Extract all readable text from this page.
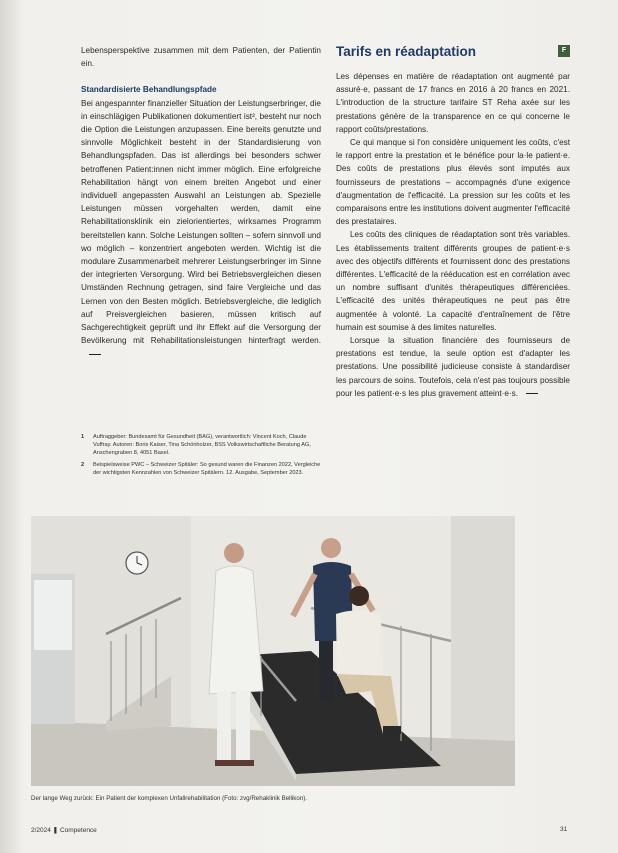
Lebensperspektive zusammen mit dem Patienten, der Patientin ein.

Standardisierte Behandlungspfade

Bei angespannter finanzieller Situation der Leistungserbringer, die in einschlägigen Publikationen dokumentiert ist², besteht nur noch die Option die Leistungen anzupassen. Eine bereits genutzte und sinnvolle Möglichkeit besteht in der Standardisierung von Behandlungspfaden. Das ist allerdings bei besonders schwer betroffenen Patient:innen nicht immer möglich. Eine erfolgreiche Rehabilitation hängt von einem breiten Angebot und einer individuell angepassten Auswahl an Leistungen ab. Spezielle Leistungen müssen vorgehalten werden, damit eine Rehabilitationsklinik ein zielorientiertes, wirksames Programm bereitstellen kann. Solche Leistungen sollten – sofern sinnvoll und wo möglich – konzentriert angeboten werden. Wichtig ist die modulare Zusammenarbeit mehrerer Leistungserbringer im Sinne der integrierten Versorgung. Wird bei Betriebsvergleichen diesen Umständen Rechnung getragen, sind faire Vergleiche und das Lernen von den Besten möglich. Betriebsvergleiche, die lediglich auf Preisvergleichen basieren, müssen kritisch auf Sachgerechtigkeit geprüft und ihr Effekt auf die Versorgung der Bevölkerung mit Rehabilitationsleistungen hinterfragt werden.

1	Auftraggeber: Bundesamt für Gesundheit (BAG), verantwortlich: Vincent Koch, Claude Vuffray. Autoren: Boris Kaiser, Tina Schönholzer, BSS Volkswirtschaftliche Beratung AG, Anschengraben 8, 4051 Basel.
2	Beispielsweise PWC – Schweizer Spitäler: So gesund waren die Finanzen 2022, Vergleiche der wichtigsten Kennzahlen von Schweizer Spitälern. 12. Ausgabe, September 2023.

Tarifs en réadaptation	F

Les dépenses en matière de réadaptation ont augmenté par assuré·e, passant de 17 francs en 2016 à 20 francs en 2021. L'introduction de la structure tarifaire ST Reha axée sur les prestations génère de la transparence en ce qui concerne le rapport coûts/prestations.

Ce qui manque si l'on considère uniquement les coûts, c'est le rapport entre la prestation et le bénéfice pour la·le patient·e. Des coûts de prestations plus élevés sont imputés aux fournisseurs de prestations – accompagnés d'une exigence d'augmentation de l'efficacité. La pression sur les coûts et les comparaisons entre les institutions doivent augmenter l'efficacité des prestataires.

Les coûts des cliniques de réadaptation sont très variables. Les établissements traitent différents groupes de patient·e·s avec des objectifs différents et fournissent donc des prestations différentes. L'efficacité de la rééducation est en corrélation avec un nombre suffisant d'unités thérapeutiques différenciées. L'efficacité des unités thérapeutiques ne peut pas être augmentée à volonté. La capacité d'entraînement de l'être humain est soumise à des limites naturelles.

Lorsque la situation financière des fournisseurs de prestations est tendue, la seule option est d'adapter les prestations. Une possibilité judicieuse consiste à standardiser les parcours de soins. Toutefois, cela n'est pas toujours possible pour les patient·e·s les plus gravement atteint·e·s.

Der lange Weg zurück: Ein Patient der komplexen Unfallrehabilitation (Foto: zvg/Rehaklinik Bellikon).
2/2024 ❚ Competence	31
